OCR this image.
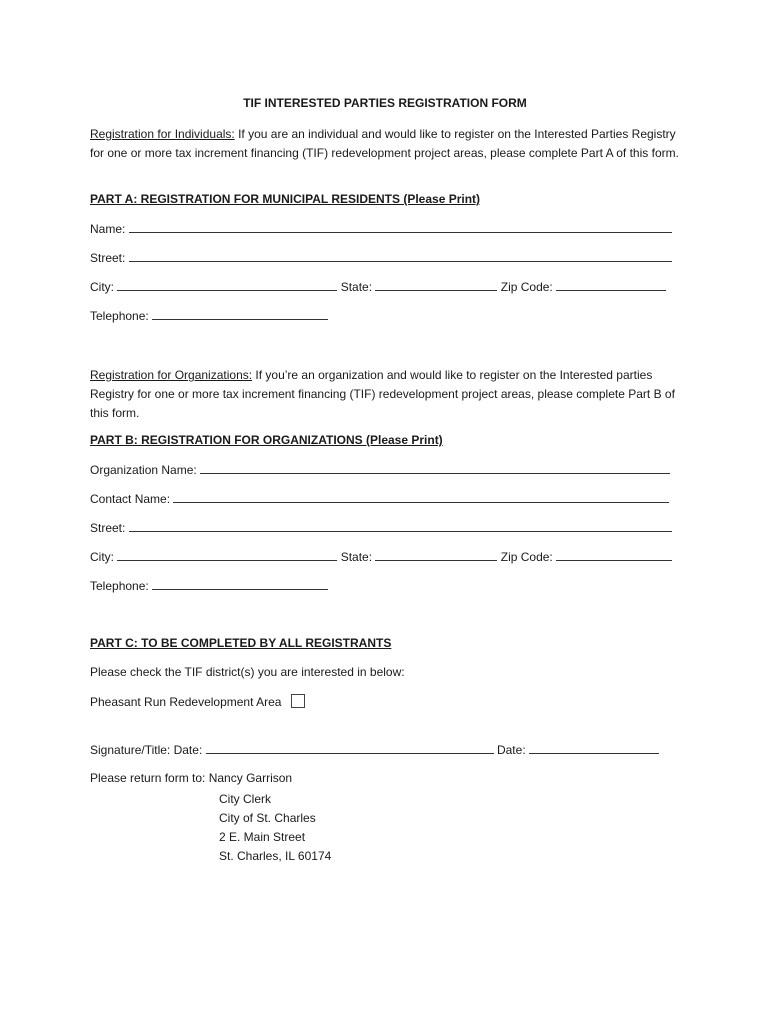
TIF INTERESTED PARTIES REGISTRATION FORM
Registration for Individuals: If you are an individual and would like to register on the Interested Parties Registry for one or more tax increment financing (TIF) redevelopment project areas, please complete Part A of this form.
PART A: REGISTRATION FOR MUNICIPAL RESIDENTS (Please Print)
Name:
Street:
City:	State:	Zip Code:
Telephone:
Registration for Organizations: If you’re an organization and would like to register on the Interested parties Registry for one or more tax increment financing (TIF) redevelopment project areas, please complete Part B of this form.
PART B: REGISTRATION FOR ORGANIZATIONS (Please Print)
Organization Name:
Contact Name:
Street:
City:	State:	Zip Code:
Telephone:
PART C: TO BE COMPLETED BY ALL REGISTRANTS
Please check the TIF district(s) you are interested in below:
Pheasant Run Redevelopment Area
Signature/Title: Date:	Date:
Please return form to: Nancy Garrison
City Clerk
City of St. Charles
2 E. Main Street
St. Charles, IL 60174
